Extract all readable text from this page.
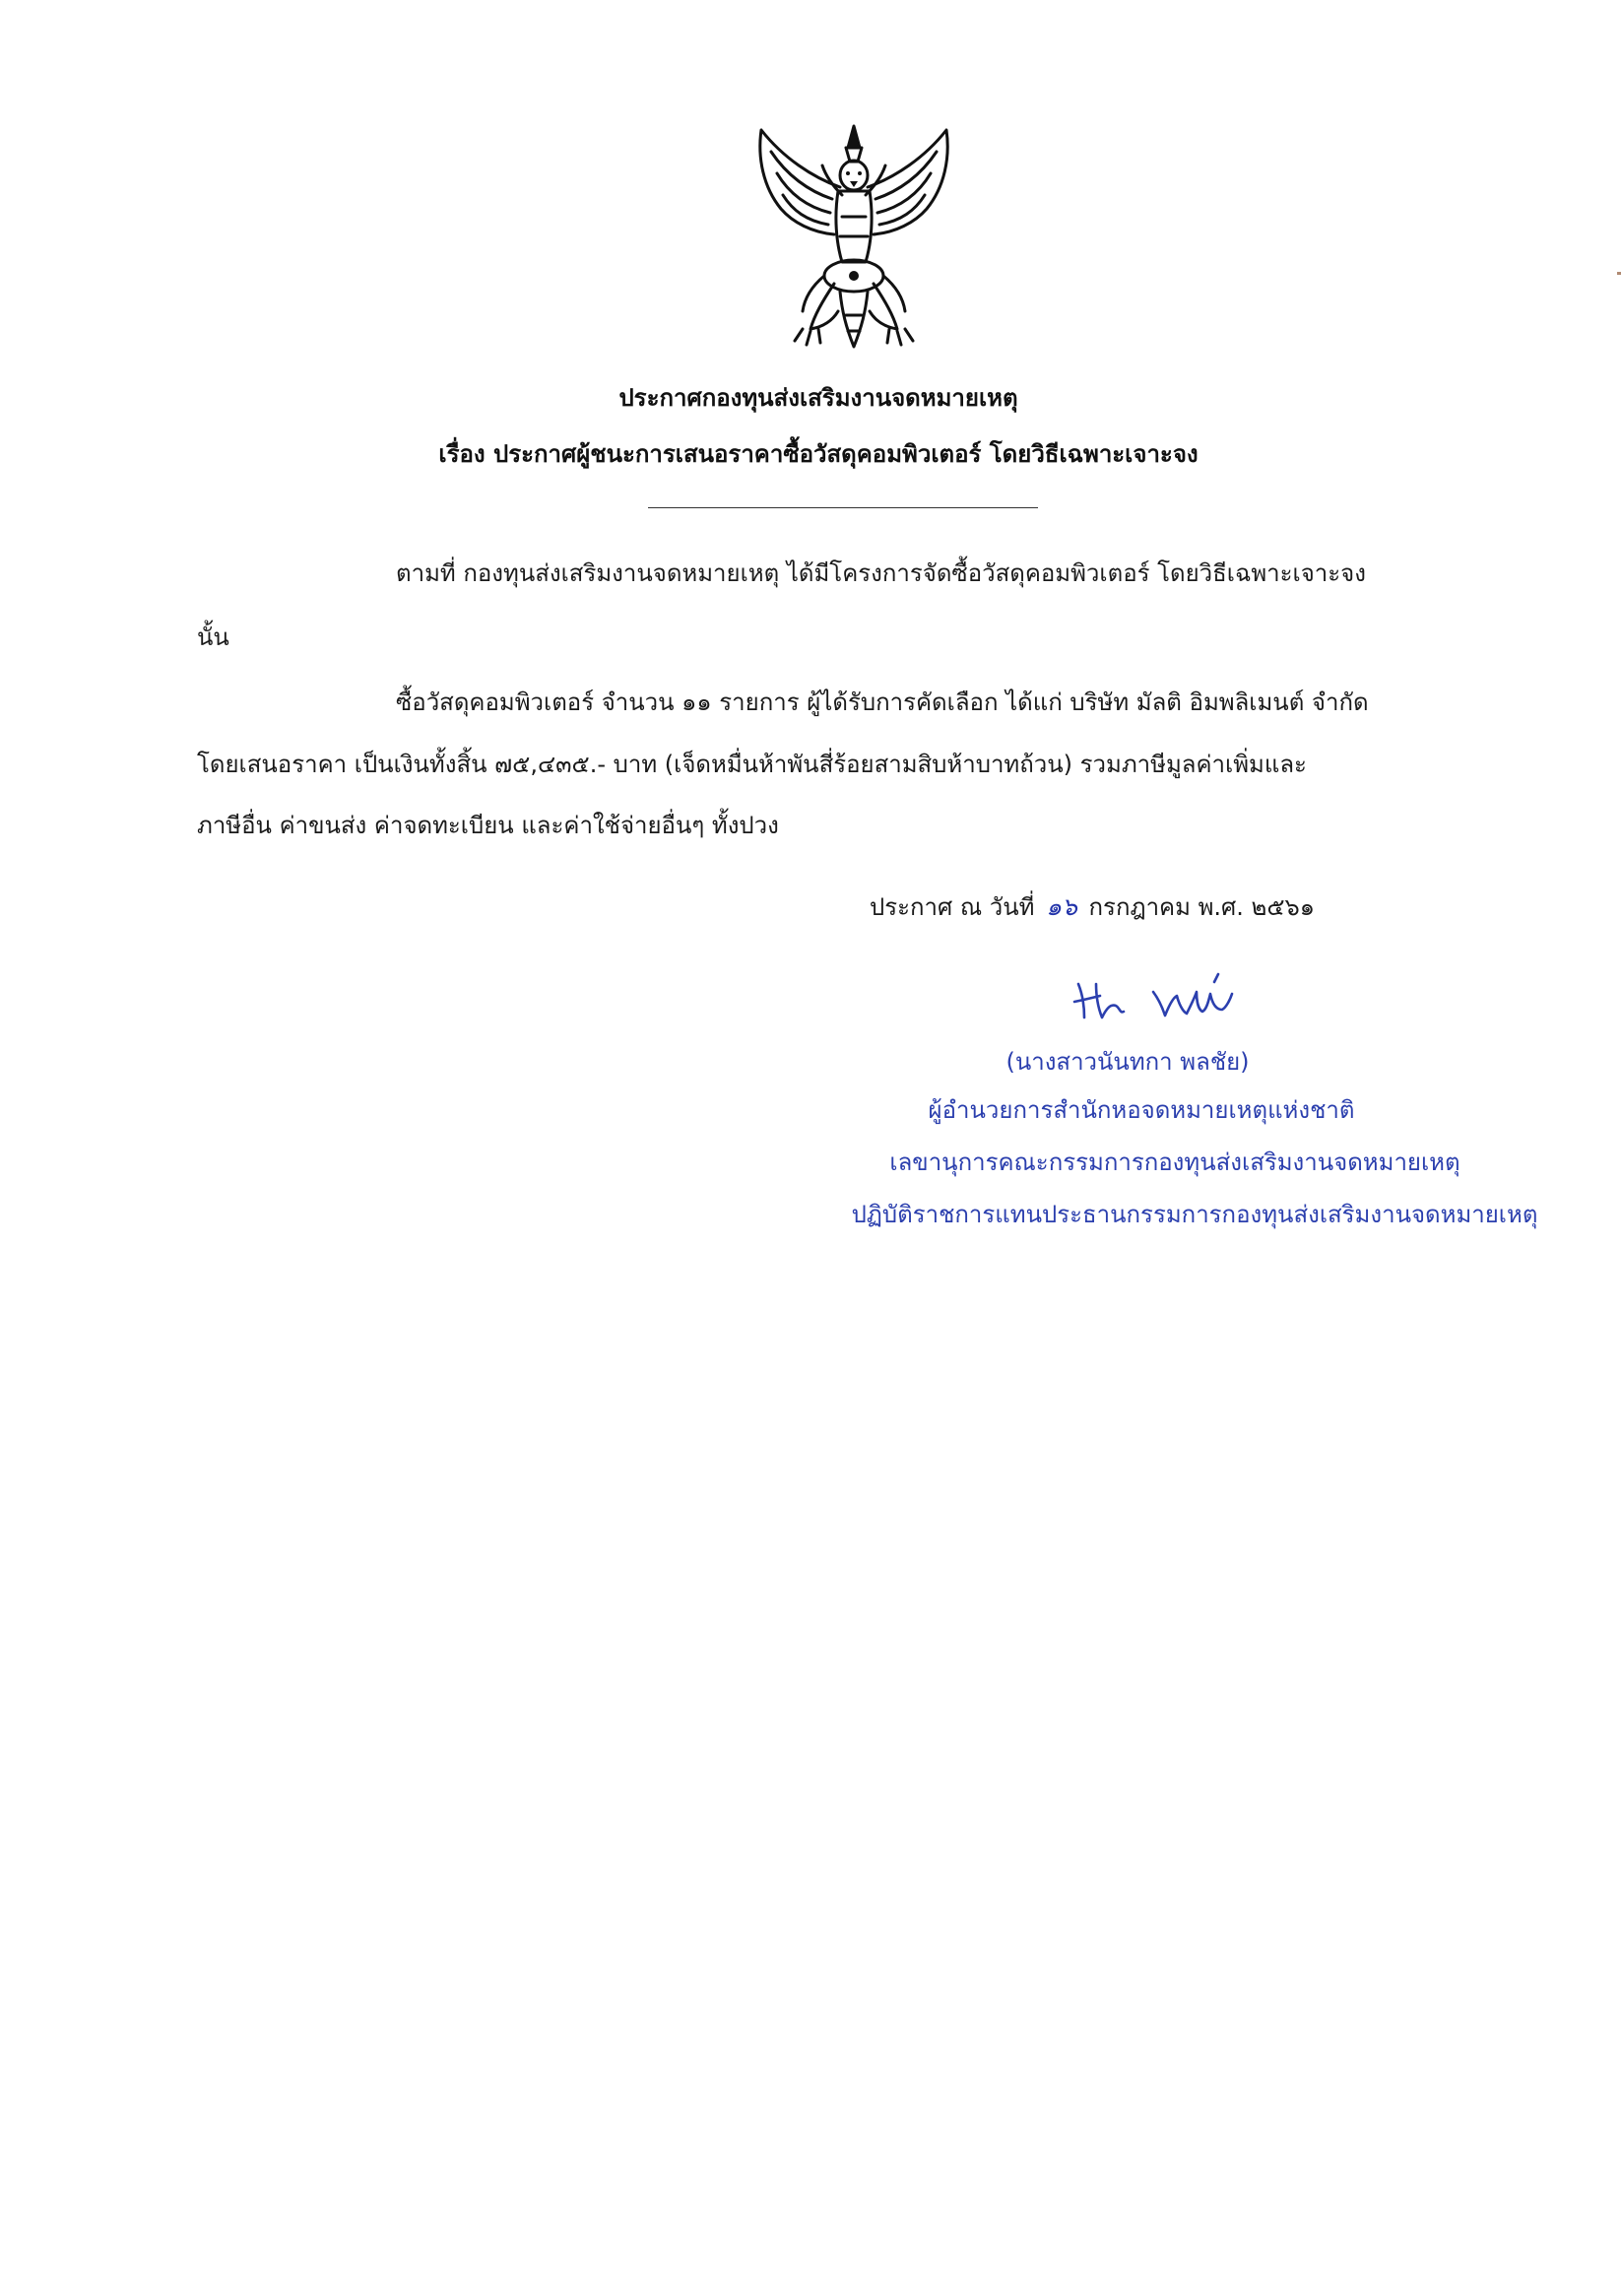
ประกาศกองทุนส่งเสริมงานจดหมายเหตุ
เรื่อง ประกาศผู้ชนะการเสนอราคาซื้อวัสดุคอมพิวเตอร์ โดยวิธีเฉพาะเจาะจง
ตามที่ กองทุนส่งเสริมงานจดหมายเหตุ ได้มีโครงการจัดซื้อวัสดุคอมพิวเตอร์ โดยวิธีเฉพาะเจาะจง
นั้น
ซื้อวัสดุคอมพิวเตอร์ จำนวน ๑๑ รายการ ผู้ได้รับการคัดเลือก ได้แก่ บริษัท มัลติ อิมพลิเมนต์ จำกัด
โดยเสนอราคา เป็นเงินทั้งสิ้น ๗๕,๔๓๕.- บาท (เจ็ดหมื่นห้าพันสี่ร้อยสามสิบห้าบาทถ้วน) รวมภาษีมูลค่าเพิ่มและ
ภาษีอื่น ค่าขนส่ง ค่าจดทะเบียน และค่าใช้จ่ายอื่นๆ ทั้งปวง
ประกาศ ณ วันที่ ๑๖ กรกฎาคม พ.ศ. ๒๕๖๑
(นางสาวนันทกา พลชัย)
ผู้อำนวยการสำนักหอจดหมายเหตุแห่งชาติ
เลขานุการคณะกรรมการกองทุนส่งเสริมงานจดหมายเหตุ
ปฏิบัติราชการแทนประธานกรรมการกองทุนส่งเสริมงานจดหมายเหตุ
